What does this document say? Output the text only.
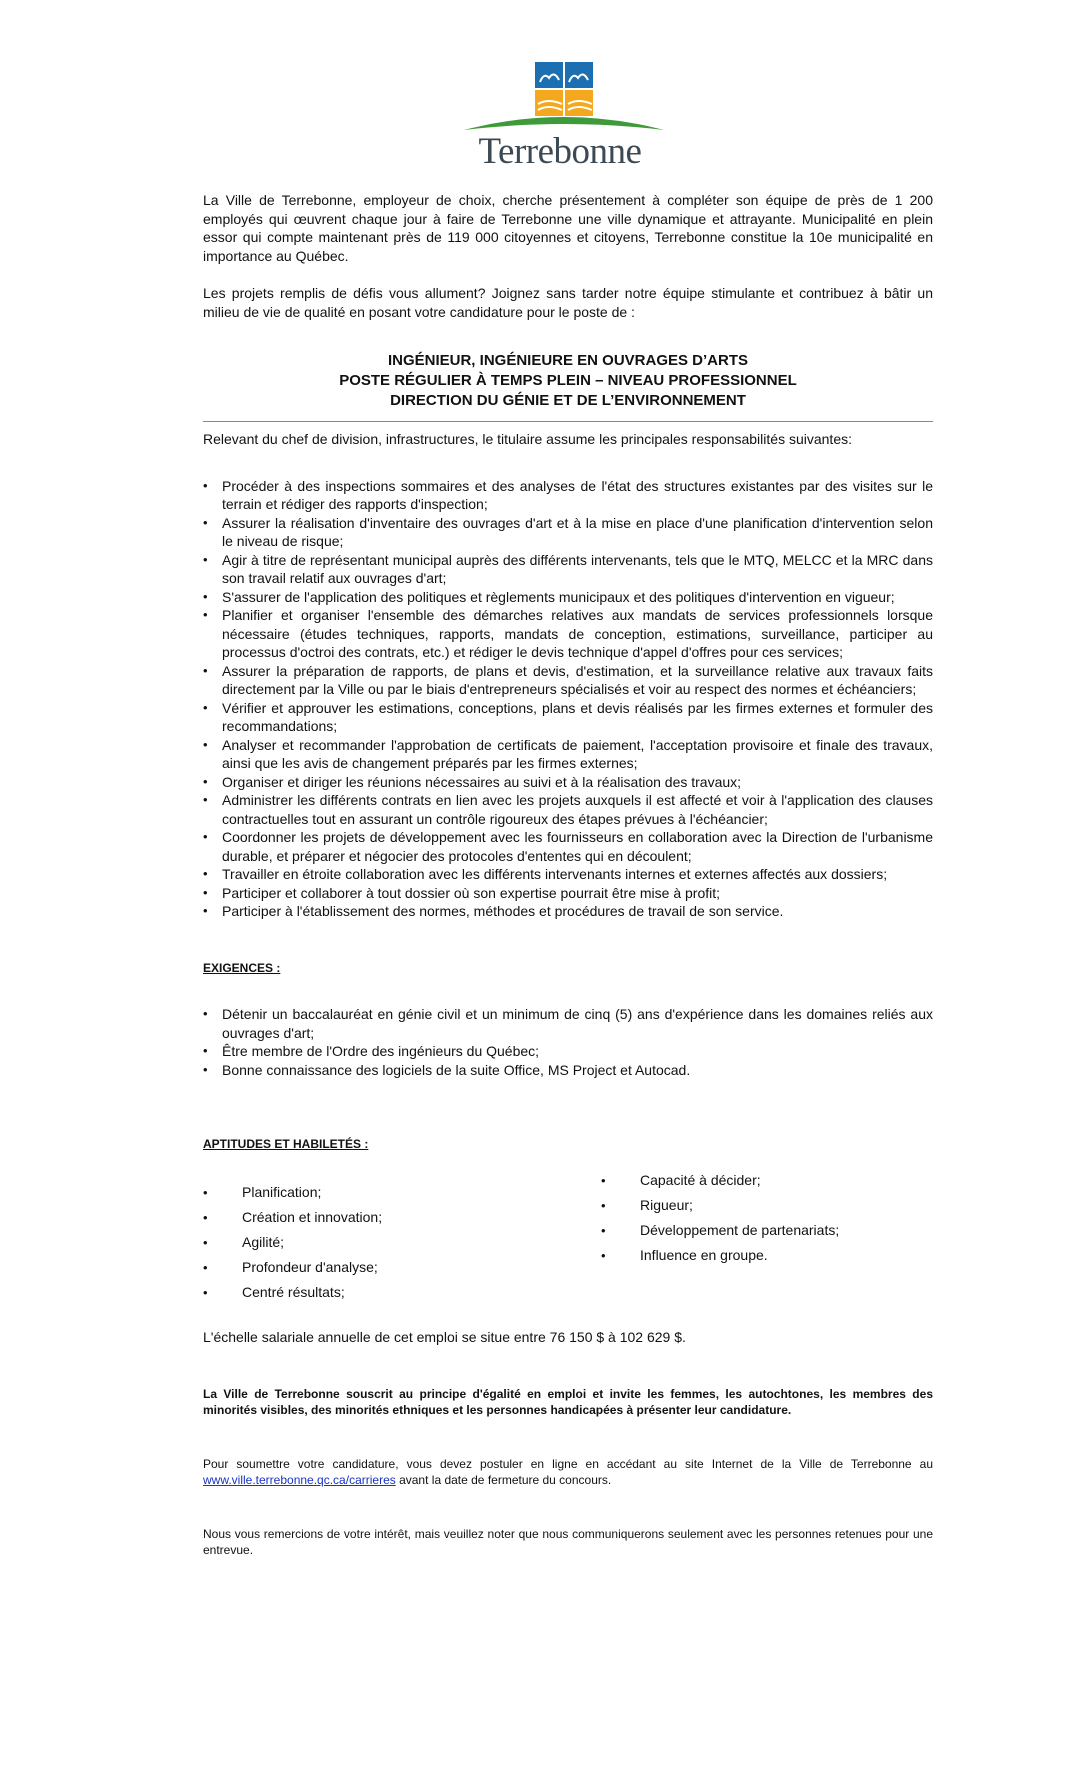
Terrebonne

La Ville de Terrebonne, employeur de choix, cherche présentement à compléter son équipe de près de 1 200 employés qui œuvrent chaque jour à faire de Terrebonne une ville dynamique et attrayante. Municipalité en plein essor qui compte maintenant près de 119 000 citoyennes et citoyens, Terrebonne constitue la 10e municipalité en importance au Québec.

Les projets remplis de défis vous allument? Joignez sans tarder notre équipe stimulante et contribuez à bâtir un milieu de vie de qualité en posant votre candidature pour le poste de :

INGÉNIEUR, INGÉNIEURE EN OUVRAGES D’ARTS
POSTE RÉGULIER À TEMPS PLEIN – NIVEAU PROFESSIONNEL
DIRECTION DU GÉNIE ET DE L’ENVIRONNEMENT

Relevant du chef de division, infrastructures, le titulaire assume les principales responsabilités suivantes:

• Procéder à des inspections sommaires et des analyses de l'état des structures existantes par des visites sur le terrain et rédiger des rapports d'inspection;
• Assurer la réalisation d'inventaire des ouvrages d'art et à la mise en place d'une planification d'intervention selon le niveau de risque;
• Agir à titre de représentant municipal auprès des différents intervenants, tels que le MTQ, MELCC et la MRC dans son travail relatif aux ouvrages d'art;
• S'assurer de l'application des politiques et règlements municipaux et des politiques d'intervention en vigueur;
• Planifier et organiser l'ensemble des démarches relatives aux mandats de services professionnels lorsque nécessaire (études techniques, rapports, mandats de conception, estimations, surveillance, participer au processus d'octroi des contrats, etc.) et rédiger le devis technique d'appel d'offres pour ces services;
• Assurer la préparation de rapports, de plans et devis, d'estimation, et la surveillance relative aux travaux faits directement par la Ville ou par le biais d'entrepreneurs spécialisés et voir au respect des normes et échéanciers;
• Vérifier et approuver les estimations, conceptions, plans et devis réalisés par les firmes externes et formuler des recommandations;
• Analyser et recommander l'approbation de certificats de paiement, l'acceptation provisoire et finale des travaux, ainsi que les avis de changement préparés par les firmes externes;
• Organiser et diriger les réunions nécessaires au suivi et à la réalisation des travaux;
• Administrer les différents contrats en lien avec les projets auxquels il est affecté et voir à l'application des clauses contractuelles tout en assurant un contrôle rigoureux des étapes prévues à l'échéancier;
• Coordonner les projets de développement avec les fournisseurs en collaboration avec la Direction de l'urbanisme durable, et préparer et négocier des protocoles d'ententes qui en découlent;
• Travailler en étroite collaboration avec les différents intervenants internes et externes affectés aux dossiers;
• Participer et collaborer à tout dossier où son expertise pourrait être mise à profit;
• Participer à l'établissement des normes, méthodes et procédures de travail de son service.
EXIGENCES :
• Détenir un baccalauréat en génie civil et un minimum de cinq (5) ans d'expérience dans les domaines reliés aux ouvrages d'art;
• Être membre de l'Ordre des ingénieurs du Québec;
• Bonne connaissance des logiciels de la suite Office, MS Project et Autocad.
APTITUDES ET HABILETÉS :
• Planification;
• Création et innovation;
• Agilité;
• Profondeur d'analyse;
• Centré résultats;
• Capacité à décider;
• Rigueur;
• Développement de partenariats;
• Influence en groupe.

L'échelle salariale annuelle de cet emploi se situe entre 76 150 $ à 102 629 $.

La Ville de Terrebonne souscrit au principe d'égalité en emploi et invite les femmes, les autochtones, les membres des minorités visibles, des minorités ethniques et les personnes handicapées à présenter leur candidature.

Pour soumettre votre candidature, vous devez postuler en ligne en accédant au site Internet de la Ville de Terrebonne au www.ville.terrebonne.qc.ca/carrieres avant la date de fermeture du concours.

Nous vous remercions de votre intérêt, mais veuillez noter que nous communiquerons seulement avec les personnes retenues pour une entrevue.
